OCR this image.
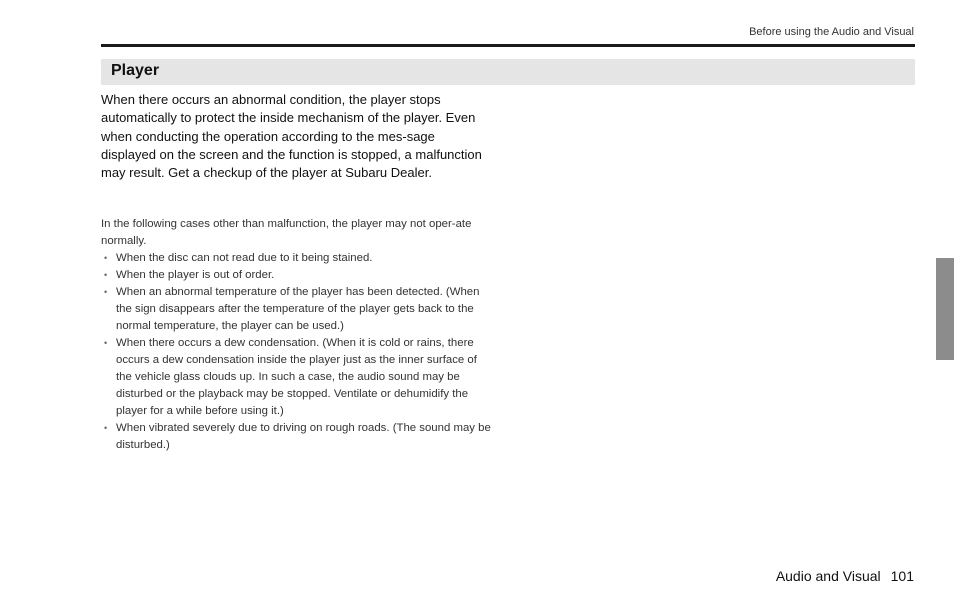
Before using the Audio and Visual
Player

When there occurs an abnormal condition, the player stops automatically to protect the inside mechanism of the player. Even when conducting the operation according to the mes-sage displayed on the screen and the function is stopped, a malfunction may result. Get a checkup of the player at Subaru Dealer.

In the following cases other than malfunction, the player may not oper-ate normally.

• When the disc can not read due to it being stained.
• When the player is out of order.
• When an abnormal temperature of the player has been detected. (When the sign disappears after the temperature of the player gets back to the normal temperature, the player can be used.)
• When there occurs a dew condensation. (When it is cold or rains, there occurs a dew condensation inside the player just as the inner surface of the vehicle glass clouds up. In such a case, the audio sound may be disturbed or the playback may be stopped. Ventilate or dehumidify the player for a while before using it.)
• When vibrated severely due to driving on rough roads. (The sound may be disturbed.)
Audio and Visual 101
